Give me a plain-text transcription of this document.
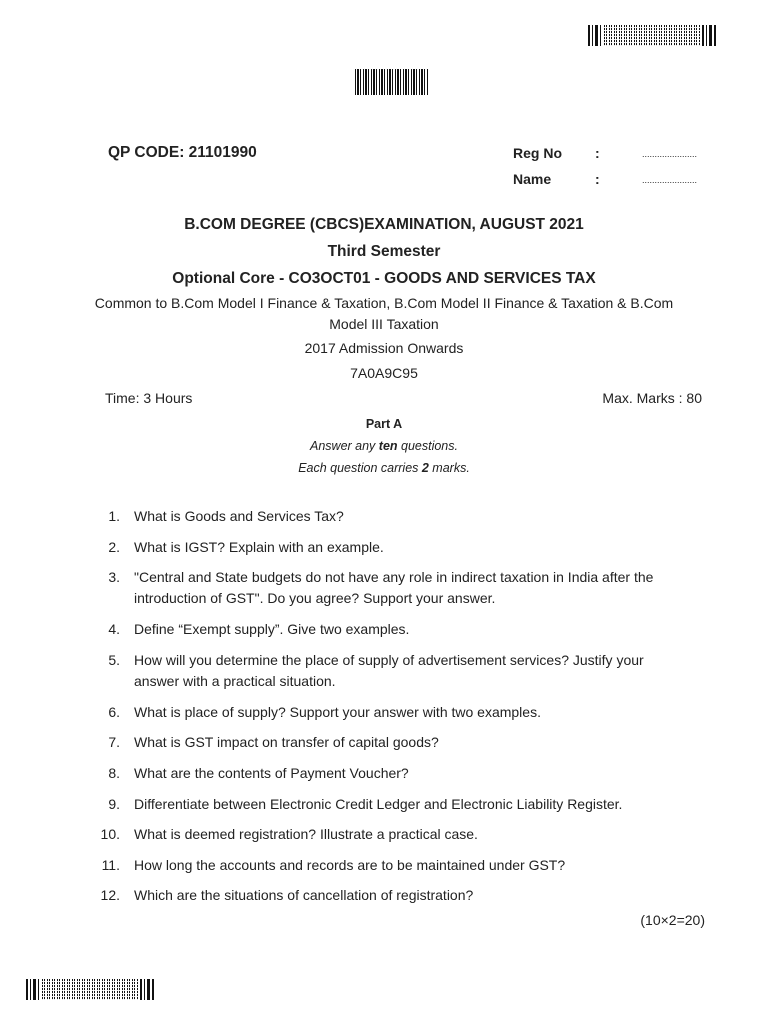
QP CODE: 21101990	Reg No :	......................
Name	:	......................
B.COM DEGREE (CBCS)EXAMINATION, AUGUST 2021
Third Semester
Optional Core - CO3OCT01 - GOODS AND SERVICES TAX
Common to B.Com Model I Finance & Taxation, B.Com Model II Finance & Taxation & B.Com
Model III Taxation
2017 Admission Onwards
7A0A9C95
Time: 3 Hours	Max. Marks : 80
Part A
Answer any ten questions.
Each question carries 2 marks.
1. What is Goods and Services Tax?
2. What is IGST? Explain with an example.
3. "Central and State budgets do not have any role in indirect taxation in India after the introduction of GST". Do you agree? Support your answer.
4. Define “Exempt supply”. Give two examples.
5. How will you determine the place of supply of advertisement services? Justify your answer with a practical situation.
6. What is place of supply? Support your answer with two examples.
7. What is GST impact on transfer of capital goods?
8. What are the contents of Payment Voucher?
9. Differentiate between Electronic Credit Ledger and Electronic Liability Register.
10. What is deemed registration? Illustrate a practical case.
11. How long the accounts and records are to be maintained under GST?
12. Which are the situations of cancellation of registration?
(10×2=20)
